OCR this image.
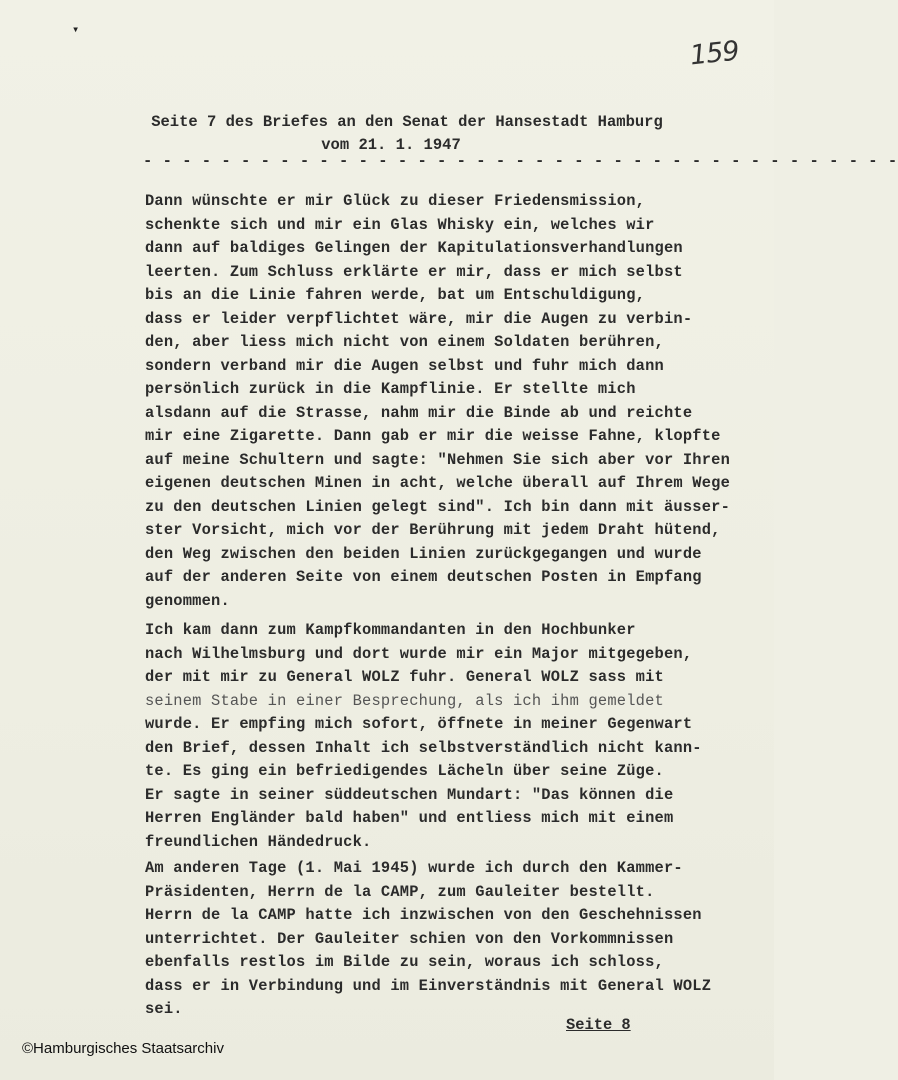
▾
159
Seite 7 des Briefes an den Senat der Hansestadt Hamburg
vom 21. 1. 1947
- - - - - - - - - - - - - - - - - - - - - - - - - - - - - - - - - - - - - - -
Dann wünschte er mir Glück zu dieser Friedensmission,
schenkte sich und mir ein Glas Whisky ein, welches wir
dann auf baldiges Gelingen der Kapitulationsverhandlungen
leerten. Zum Schluss erklärte er mir, dass er mich selbst
bis an die Linie fahren werde, bat um Entschuldigung,
dass er leider verpflichtet wäre, mir die Augen zu verbin-
den, aber liess mich nicht von einem Soldaten berühren,
sondern verband mir die Augen selbst und fuhr mich dann
persönlich zurück in die Kampflinie. Er stellte mich
alsdann auf die Strasse, nahm mir die Binde ab und reichte
mir eine Zigarette. Dann gab er mir die weisse Fahne, klopfte
auf meine Schultern und sagte: "Nehmen Sie sich aber vor Ihren
eigenen deutschen Minen in acht, welche überall auf Ihrem Wege
zu den deutschen Linien gelegt sind". Ich bin dann mit äusser-
ster Vorsicht, mich vor der Berührung mit jedem Draht hütend,
den Weg zwischen den beiden Linien zurückgegangen und wurde
auf der anderen Seite von einem deutschen Posten in Empfang
genommen.
Ich kam dann zum Kampfkommandanten in den Hochbunker
nach Wilhelmsburg und dort wurde mir ein Major mitgegeben,
der mit mir zu General WOLZ fuhr. General WOLZ sass mit
seinem Stabe in einer Besprechung, als ich ihm gemeldet
wurde. Er empfing mich sofort, öffnete in meiner Gegenwart
den Brief, dessen Inhalt ich selbstverständlich nicht kann-
te. Es ging ein befriedigendes Lächeln über seine Züge.
Er sagte in seiner süddeutschen Mundart: "Das können die
Herren Engländer bald haben" und entliess mich mit einem
freundlichen Händedruck.
Am anderen Tage (1. Mai 1945) wurde ich durch den Kammer-
Präsidenten, Herrn de la CAMP, zum Gauleiter bestellt.
Herrn de la CAMP hatte ich inzwischen von den Geschehnissen
unterrichtet. Der Gauleiter schien von den Vorkommnissen
ebenfalls restlos im Bilde zu sein, woraus ich schloss,
dass er in Verbindung und im Einverständnis mit General WOLZ
sei.
Seite 8
©Hamburgisches Staatsarchiv
